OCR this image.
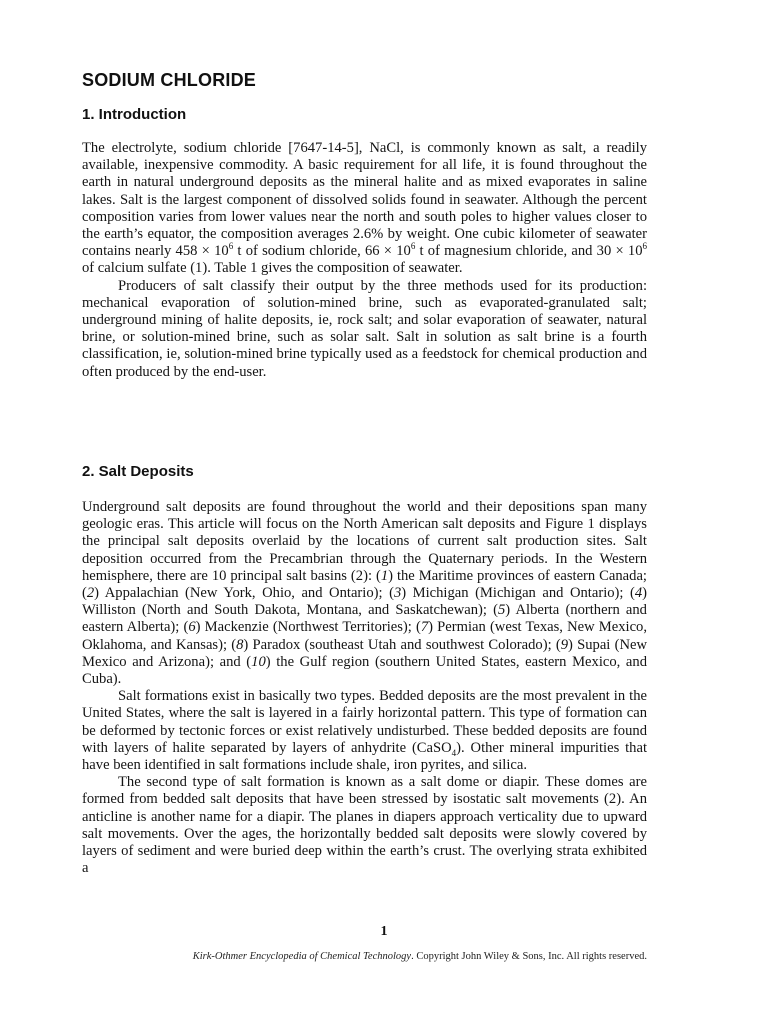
SODIUM CHLORIDE
1. Introduction

The electrolyte, sodium chloride [7647-14-5], NaCl, is commonly known as salt, a readily available, inexpensive commodity. A basic requirement for all life, it is found throughout the earth in natural underground deposits as the mineral halite and as mixed evaporates in saline lakes. Salt is the largest component of dissolved solids found in seawater. Although the percent composition varies from lower values near the north and south poles to higher values closer to the earth’s equator, the composition averages 2.6% by weight. One cubic kilometer of seawater contains nearly $458 \times 10^6$ t of sodium chloride, $66 \times 10^6$ t of magnesium chloride, and $30 \times 10^6$ of calcium sulfate (1). Table 1 gives the composition of seawater.

Producers of salt classify their output by the three methods used for its production: mechanical evaporation of solution-mined brine, such as evaporated-granulated salt; underground mining of halite deposits, ie, rock salt; and solar evaporation of seawater, natural brine, or solution-mined brine, such as solar salt. Salt in solution as salt brine is a fourth classification, ie, solution-mined brine typically used as a feedstock for chemical production and often produced by the end-user.

2. Salt Deposits

Underground salt deposits are found throughout the world and their depositions span many geologic eras. This article will focus on the North American salt deposits and Figure 1 displays the principal salt deposits overlaid by the locations of current salt production sites. Salt deposition occurred from the Precambrian through the Quaternary periods. In the Western hemisphere, there are 10 principal salt basins (2): (1) the Maritime provinces of eastern Canada; (2) Appalachian (New York, Ohio, and Ontario); (3) Michigan (Michigan and Ontario); (4) Williston (North and South Dakota, Montana, and Saskatchewan); (5) Alberta (northern and eastern Alberta); (6) Mackenzie (Northwest Territories); (7) Permian (west Texas, New Mexico, Oklahoma, and Kansas); (8) Paradox (southeast Utah and southwest Colorado); (9) Supai (New Mexico and Arizona); and (10) the Gulf region (southern United States, eastern Mexico, and Cuba).

Salt formations exist in basically two types. Bedded deposits are the most prevalent in the United States, where the salt is layered in a fairly horizontal pattern. This type of formation can be deformed by tectonic forces or exist relatively undisturbed. These bedded deposits are found with layers of halite separated by layers of anhydrite (CaSO$_4$). Other mineral impurities that have been identified in salt formations include shale, iron pyrites, and silica.

The second type of salt formation is known as a salt dome or diapir. These domes are formed from bedded salt deposits that have been stressed by isostatic salt movements (2). An anticline is another name for a diapir. The planes in diapers approach verticality due to upward salt movements. Over the ages, the horizontally bedded salt deposits were slowly covered by layers of sediment and were buried deep within the earth’s crust. The overlying strata exhibited a

1
Kirk-Othmer Encyclopedia of Chemical Technology. Copyright John Wiley & Sons, Inc. All rights reserved.
